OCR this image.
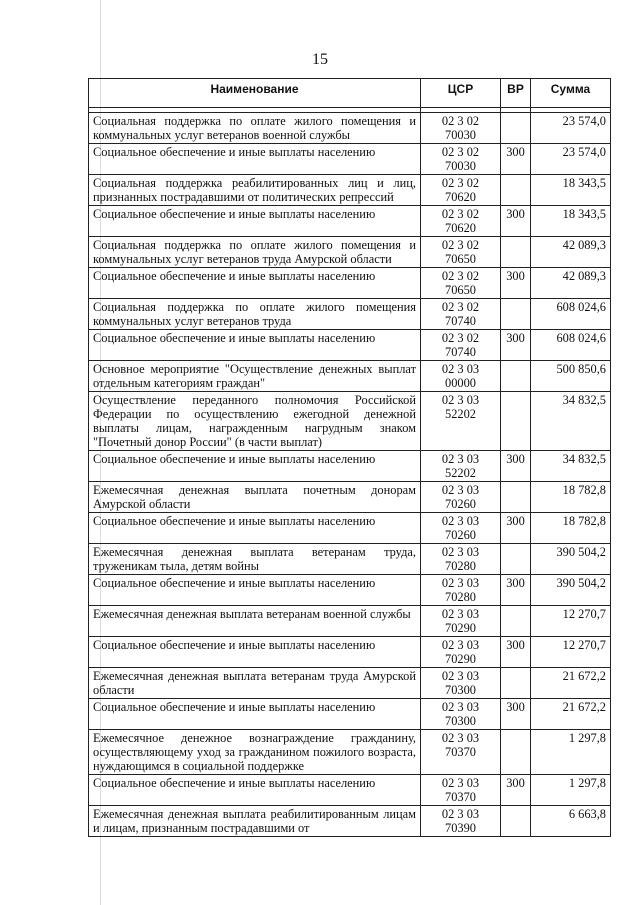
15
Наименование	ЦСР	ВР	Сумма

Социальная поддержка по оплате жилого помещения и коммунальных услуг ветеранов военной службы	02 3 02 70030		23 574,0
Социальное обеспечение и иные выплаты населению	02 3 02 70030	300	23 574,0
Социальная поддержка реабилитированных лиц и лиц, признанных пострадавшими от политических репрессий	02 3 02 70620		18 343,5
Социальное обеспечение и иные выплаты населению	02 3 02 70620	300	18 343,5
Социальная поддержка по оплате жилого помещения и коммунальных услуг ветеранов труда Амурской области	02 3 02 70650		42 089,3
Социальное обеспечение и иные выплаты населению	02 3 02 70650	300	42 089,3
Социальная поддержка по оплате жилого помещения коммунальных услуг ветеранов труда	02 3 02 70740		608 024,6
Социальное обеспечение и иные выплаты населению	02 3 02 70740	300	608 024,6
Основное мероприятие "Осуществление денежных выплат отдельным категориям граждан"	02 3 03 00000		500 850,6
Осуществление переданного полномочия Российской Федерации по осуществлению ежегодной денежной выплаты лицам, награжденным нагрудным знаком "Почетный донор России" (в части выплат)	02 3 03 52202		34 832,5
Социальное обеспечение и иные выплаты населению	02 3 03 52202	300	34 832,5
Ежемесячная денежная выплата почетным донорам Амурской области	02 3 03 70260		18 782,8
Социальное обеспечение и иные выплаты населению	02 3 03 70260	300	18 782,8
Ежемесячная денежная выплата ветеранам труда, труженикам тыла, детям войны	02 3 03 70280		390 504,2
Социальное обеспечение и иные выплаты населению	02 3 03 70280	300	390 504,2
Ежемесячная денежная выплата ветеранам военной службы	02 3 03 70290		12 270,7
Социальное обеспечение и иные выплаты населению	02 3 03 70290	300	12 270,7
Ежемесячная денежная выплата ветеранам труда Амурской области	02 3 03 70300		21 672,2
Социальное обеспечение и иные выплаты населению	02 3 03 70300	300	21 672,2
Ежемесячное денежное вознаграждение гражданину, осуществляющему уход за гражданином пожилого возраста, нуждающимся в социальной поддержке	02 3 03 70370		1 297,8
Социальное обеспечение и иные выплаты населению	02 3 03 70370	300	1 297,8
Ежемесячная денежная выплата реабилитированным лицам и лицам, признанным пострадавшими от	02 3 03 70390		6 663,8
